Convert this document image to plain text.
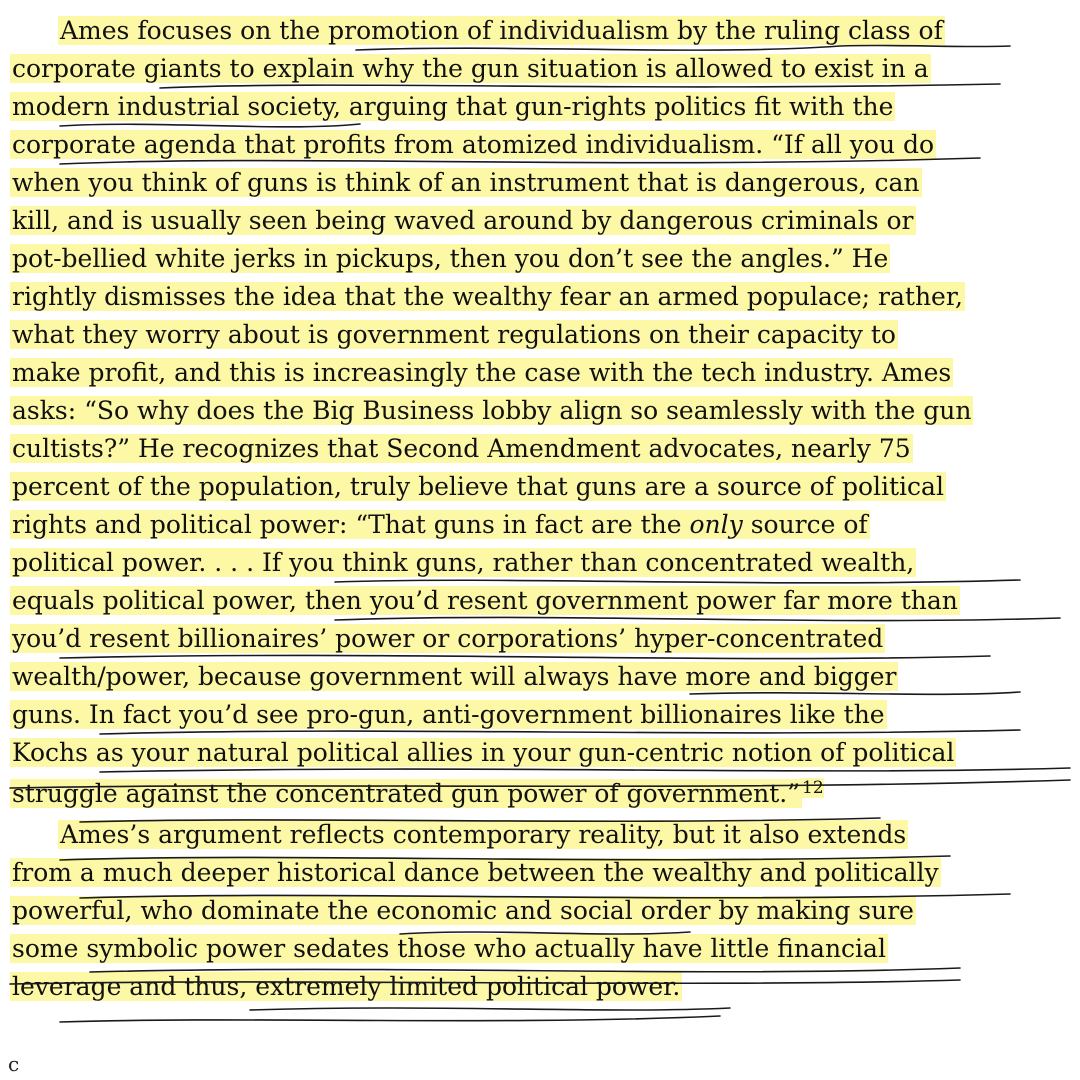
Ames focuses on the promotion of individualism by the ruling class of
corporate giants to explain why the gun situation is allowed to exist in a
modern industrial society, arguing that gun-rights politics fit with the
corporate agenda that profits from atomized individualism. “If all you do
when you think of guns is think of an instrument that is dangerous, can
kill, and is usually seen being waved around by dangerous criminals or
pot-bellied white jerks in pickups, then you don’t see the angles.” He
rightly dismisses the idea that the wealthy fear an armed populace; rather,
what they worry about is government regulations on their capacity to
make profit, and this is increasingly the case with the tech industry. Ames
asks: “So why does the Big Business lobby align so seamlessly with the gun
cultists?” He recognizes that Second Amendment advocates, nearly 75
percent of the population, truly believe that guns are a source of political
rights and political power: “That guns in fact are the only source of
political power. . . . If you think guns, rather than concentrated wealth,
equals political power, then you’d resent government power far more than
you’d resent billionaires’ power or corporations’ hyper-concentrated
wealth/power, because government will always have more and bigger
guns. In fact you’d see pro-gun, anti-government billionaires like the
Kochs as your natural political allies in your gun-centric notion of political
struggle against the concentrated gun power of government.” $^{12}$
Ames’s argument reflects contemporary reality, but it also extends
from a much deeper historical dance between the wealthy and politically
powerful, who dominate the economic and social order by making sure
some symbolic power sedates those who actually have little financial
leverage and thus, extremely limited political power.
c
